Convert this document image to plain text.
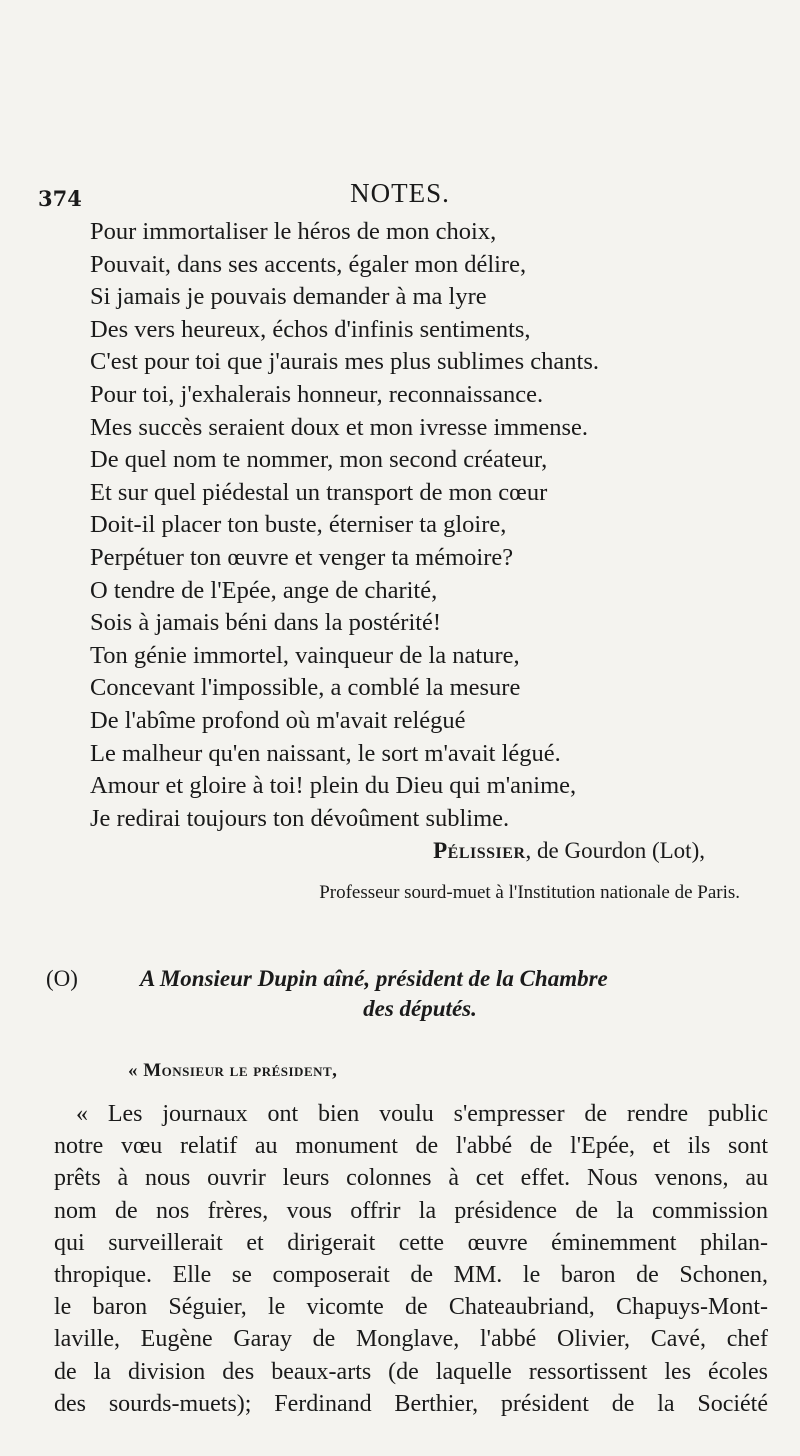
374	NOTES.
Pour immortaliser le héros de mon choix,
Pouvait, dans ses accents, égaler mon délire,
Si jamais je pouvais demander à ma lyre
Des vers heureux, échos d'infinis sentiments,
C'est pour toi que j'aurais mes plus sublimes chants.
Pour toi, j'exhalerais honneur, reconnaissance.
Mes succès seraient doux et mon ivresse immense.
De quel nom te nommer, mon second créateur,
Et sur quel piédestal un transport de mon cœur
Doit-il placer ton buste, éterniser ta gloire,
Perpétuer ton œuvre et venger ta mémoire?
O tendre de l'Epée, ange de charité,
Sois à jamais béni dans la postérité!
Ton génie immortel, vainqueur de la nature,
Concevant l'impossible, a comblé la mesure
De l'abîme profond où m'avait relégué
Le malheur qu'en naissant, le sort m'avait légué.
Amour et gloire à toi! plein du Dieu qui m'anime,
Je redirai toujours ton dévoûment sublime.
Pélissier, de Gourdon (Lot),
Professeur sourd-muet à l'Institution nationale de Paris.
(O)	A Monsieur Dupin aîné, président de la Chambre
des députés.
« Monsieur le président,
« Les journaux ont bien voulu s'empresser de rendre public
notre vœu relatif au monument de l'abbé de l'Epée, et ils sont
prêts à nous ouvrir leurs colonnes à cet effet. Nous venons, au
nom de nos frères, vous offrir la présidence de la commission
qui surveillerait et dirigerait cette œuvre éminemment philan-
thropique. Elle se composerait de MM. le baron de Schonen,
le baron Séguier, le vicomte de Chateaubriand, Chapuys-Mont-
laville, Eugène Garay de Monglave, l'abbé Olivier, Cavé, chef
de la division des beaux-arts (de laquelle ressortissent les écoles
des sourds-muets); Ferdinand Berthier, président de la Société
